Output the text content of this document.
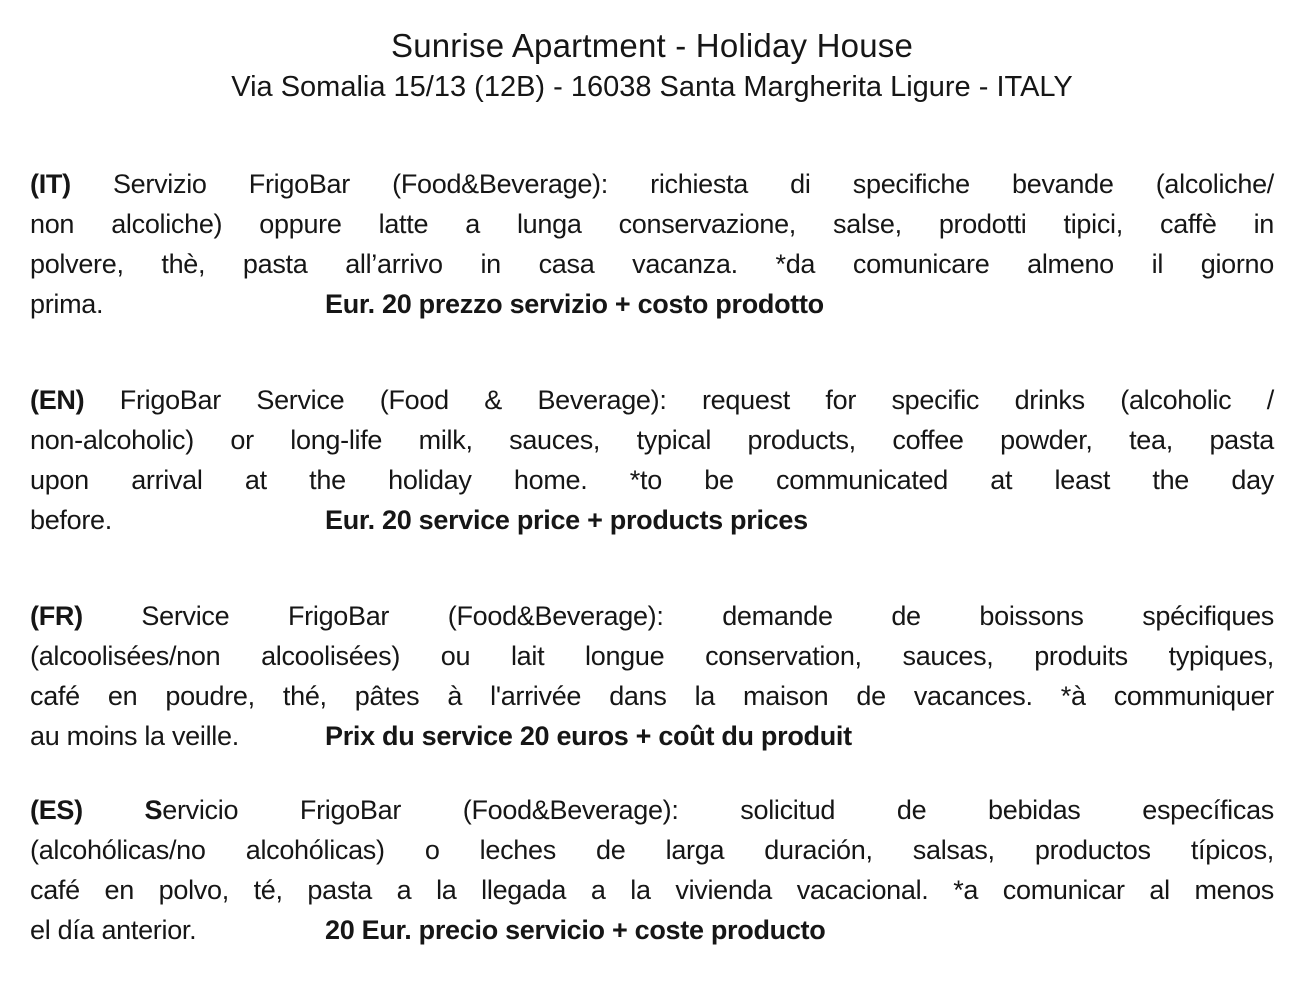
Sunrise Apartment - Holiday House
Via Somalia 15/13 (12B) - 16038 Santa Margherita Ligure - ITALY
(IT) Servizio FrigoBar (Food&Beverage): richiesta di specifiche bevande (alcoliche/
non alcoliche) oppure latte a lunga conservazione, salse, prodotti tipici, caffè in
polvere, thè, pasta all’arrivo in casa vacanza. *da comunicare almeno il giorno
prima.	Eur. 20 prezzo servizio + costo prodotto
(EN) FrigoBar Service (Food & Beverage): request for specific drinks (alcoholic /
non-alcoholic) or long-life milk, sauces, typical products, coffee powder, tea, pasta
upon arrival at the holiday home. *to be communicated at least the day
before.	Eur. 20 service price + products prices
(FR) Service FrigoBar (Food&Beverage): demande de boissons spécifiques
(alcoolisées/non alcoolisées) ou lait longue conservation, sauces, produits typiques,
café en poudre, thé, pâtes à l'arrivée dans la maison de vacances. *à communiquer
au moins la veille.	Prix du service 20 euros + coût du produit
(ES) Servicio FrigoBar (Food&Beverage): solicitud de bebidas específicas
(alcohólicas/no alcohólicas) o leches de larga duración, salsas, productos típicos,
café en polvo, té, pasta a la llegada a la vivienda vacacional. *a comunicar al menos
el día anterior.	20 Eur. precio servicio + coste producto
